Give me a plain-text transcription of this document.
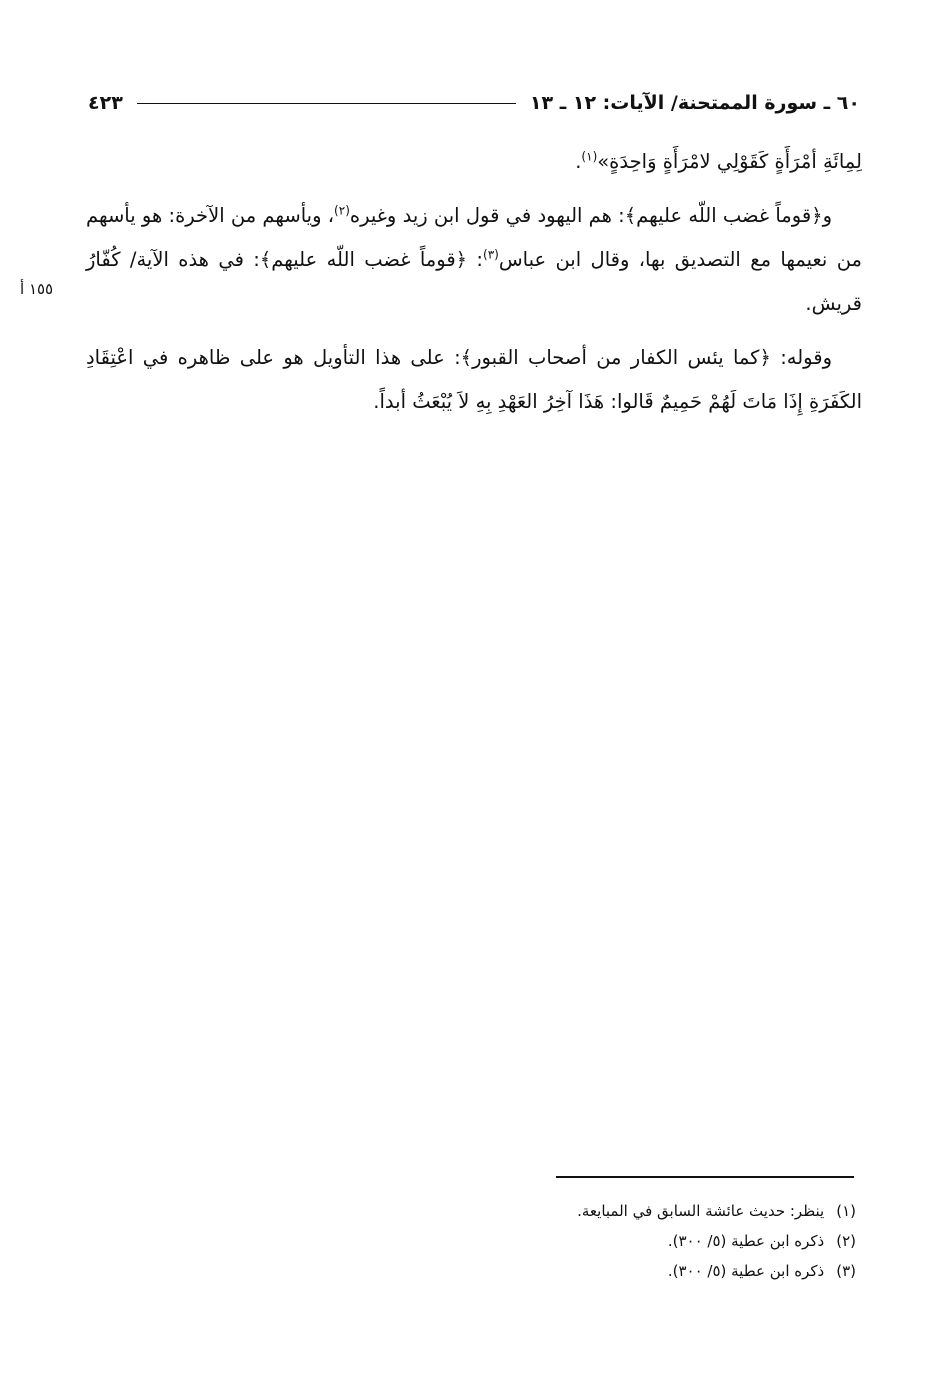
٦٠ ـ سورة الممتحنة/ الآيات: ١٢ ـ ١٣
٤٢٣
١٥٥ أ

لِمِائَةِ أمْرَأَةٍ كَقَوْلِي لامْرَأَةٍ وَاحِدَةٍ»$^{(١)}$.

و﴿قوماً غضب اللّه عليهم﴾: هم اليهود في قول ابن زيد وغيره$^{(٢)}$، ويأسهم من الآخرة: هو يأسهم من نعيمها مع التصديق بها، وقال ابن عباس$^{(٣)}$: ﴿قوماً غضب اللّه عليهم﴾: في هذه الآية/ كُفّارُ قريش.

وقوله: ﴿كما يئس الكفار من أصحاب القبور﴾: على هذا التأويل هو على ظاهره في اعْتِقَادِ الكَفَرَةِ إِذَا مَاتَ لَهُمْ حَمِيمٌ قَالوا: هَذَا آخِرُ العَهْدِ بِهِ لاَ يُبْعَثُ أبداً.

(١)
ينظر: حديث عائشة السابق في المبايعة.
(٢)
ذكره ابن عطية (٥/ ٣٠٠).
(٣)
ذكره ابن عطية (٥/ ٣٠٠).
